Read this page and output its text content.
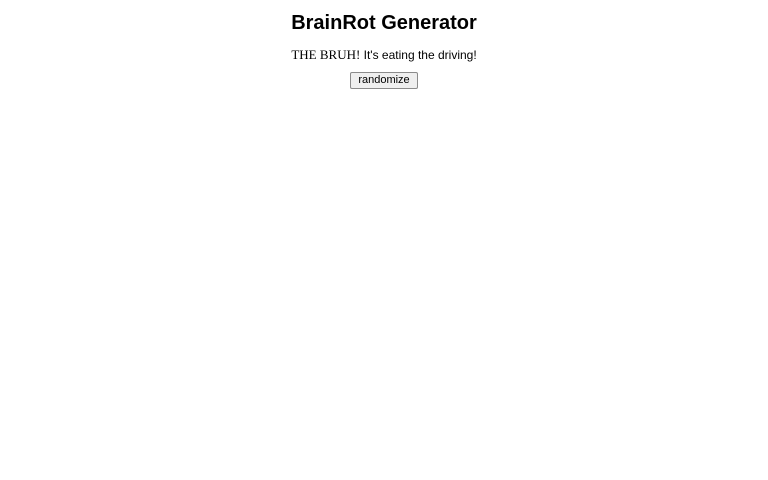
BrainRot Generator

THE BRUH! It's eating the driving!

randomize
